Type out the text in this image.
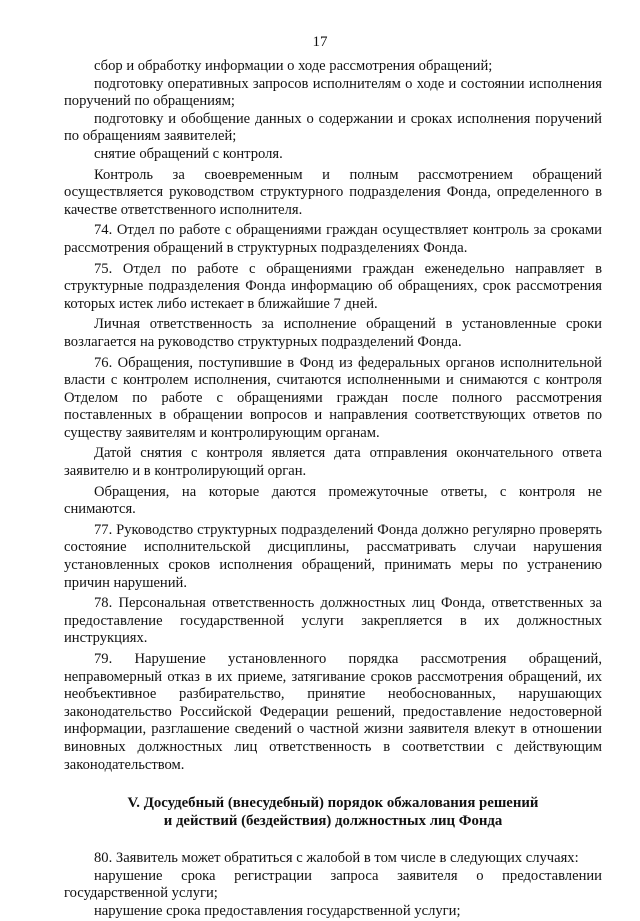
17

сбор и обработку информации о ходе рассмотрения обращений;

подготовку оперативных запросов исполнителям о ходе и состоянии исполнения поручений по обращениям;

подготовку и обобщение данных о содержании и сроках исполнения поручений по обращениям заявителей;

снятие обращений с контроля.

Контроль за своевременным и полным рассмотрением обращений осуществляется руководством структурного подразделения Фонда, определенного в качестве ответственного исполнителя.

74. Отдел по работе с обращениями граждан осуществляет контроль за сроками рассмотрения обращений в структурных подразделениях Фонда.

75. Отдел по работе с обращениями граждан еженедельно направляет в структурные подразделения Фонда информацию об обращениях, срок рассмотрения которых истек либо истекает в ближайшие 7 дней.

Личная ответственность за исполнение обращений в установленные сроки возлагается на руководство структурных подразделений Фонда.

76. Обращения, поступившие в Фонд из федеральных органов исполнительной власти с контролем исполнения, считаются исполненными и снимаются с контроля Отделом по работе с обращениями граждан после полного рассмотрения поставленных в обращении вопросов и направления соответствующих ответов по существу заявителям и контролирующим органам.

Датой снятия с контроля является дата отправления окончательного ответа заявителю и в контролирующий орган.

Обращения, на которые даются промежуточные ответы, с контроля не снимаются.

77. Руководство структурных подразделений Фонда должно регулярно проверять состояние исполнительской дисциплины, рассматривать случаи нарушения установленных сроков исполнения обращений, принимать меры по устранению причин нарушений.

78. Персональная ответственность должностных лиц Фонда, ответственных за предоставление государственной услуги закрепляется в их должностных инструкциях.

79. Нарушение установленного порядка рассмотрения обращений, неправомерный отказ в их приеме, затягивание сроков рассмотрения обращений, их необъективное разбирательство, принятие необоснованных, нарушающих законодательство Российской Федерации решений, предоставление недостоверной информации, разглашение сведений о частной жизни заявителя влекут в отношении виновных должностных лиц ответственность в соответствии с действующим законодательством.

V. Досудебный (внесудебный) порядок обжалования решений
и действий (бездействия) должностных лиц Фонда

80. Заявитель может обратиться с жалобой в том числе в следующих случаях:

нарушение срока регистрации запроса заявителя о предоставлении государственной услуги;

нарушение срока предоставления государственной услуги;
